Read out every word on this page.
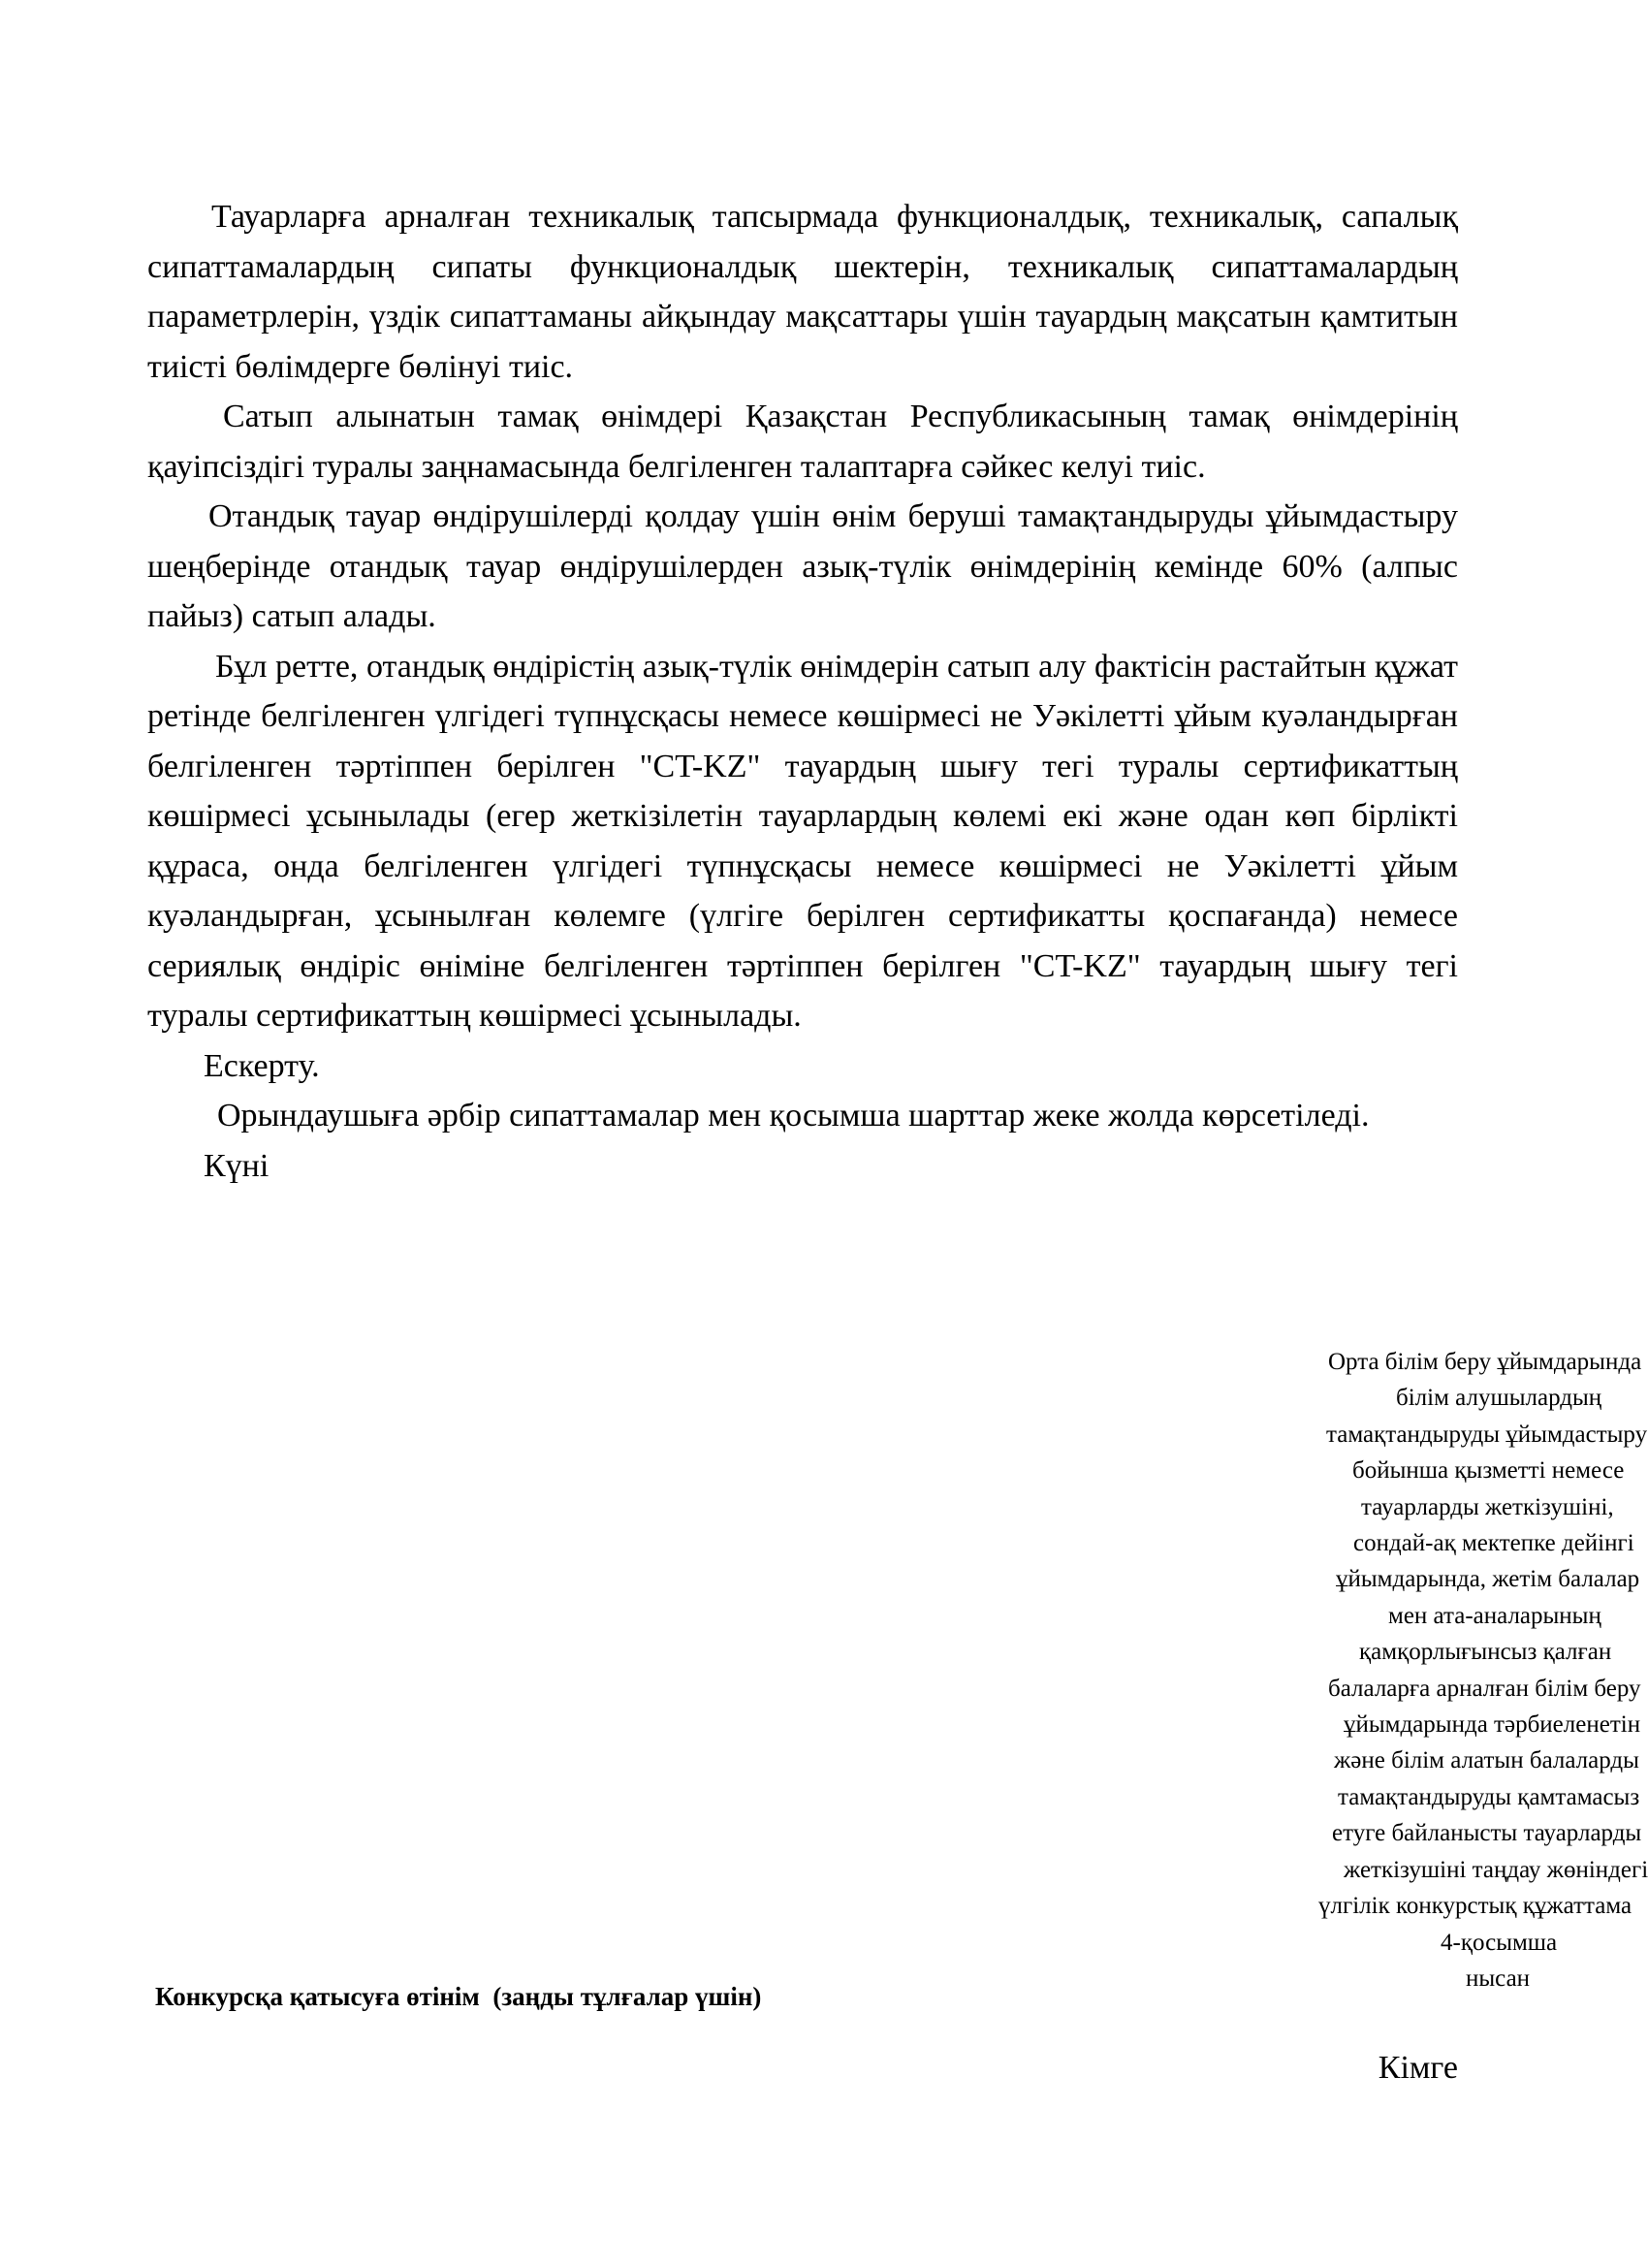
Тауарларға арналған техникалық тапсырмада функционалдық, техникалық, сапалық сипаттамалардың сипаты функционалдық шектерін, техникалық сипаттамалардың параметрлерін, үздік сипаттаманы айқындау мақсаттары үшін тауардың мақсатын қамтитын тиісті бөлімдерге бөлінуі тиіс.

Сатып алынатын тамақ өнімдері Қазақстан Республикасының тамақ өнімдерінің қауіпсіздігі туралы заңнамасында белгіленген талаптарға сәйкес келуі тиіс.

Отандық тауар өндірушілерді қолдау үшін өнім беруші тамақтандыруды ұйымдастыру шеңберінде отандық тауар өндірушілерден азық-түлік өнімдерінің кемінде 60% (алпыс пайыз) сатып алады.

Бұл ретте, отандық өндірістің азық-түлік өнімдерін сатып алу фактісін растайтын құжат ретінде белгіленген үлгідегі түпнұсқасы немесе көшірмесі не Уәкілетті ұйым куәландырған белгіленген тәртіппен берілген "CT-KZ" тауардың шығу тегі туралы сертификаттың көшірмесі ұсынылады (егер жеткізілетін тауарлардың көлемі екі және одан көп бірлікті құраса, онда белгіленген үлгідегі түпнұсқасы немесе көшірмесі не Уәкілетті ұйым куәландырған, ұсынылған көлемге (үлгіге берілген сертификатты қоспағанда) немесе сериялық өндіріс өніміне белгіленген тәртіппен берілген "CT-KZ" тауардың шығу тегі туралы сертификаттың көшірмесі ұсынылады.

Ескерту.

Орындаушыға әрбір сипаттамалар мен қосымша шарттар жеке жолда көрсетіледі.

Күні

Орта білім беру ұйымдарында
білім алушылардың
тамақтандыруды ұйымдастыру
бойынша қызметті немесе
тауарларды жеткізушіні,
сондай-ақ мектепке дейінгі
ұйымдарында, жетім балалар
мен ата-аналарының
қамқорлығынсыз қалған
балаларға арналған білім беру
ұйымдарында тәрбиеленетін
және білім алатын балаларды
тамақтандыруды қамтамасыз
етуге байланысты тауарларды
жеткізушіні таңдау жөніндегі
үлгілік конкурстық құжаттама
4-қосымша
нысан
Конкурсқа қатысуға өтінім  (заңды тұлғалар үшін)
Кімге
